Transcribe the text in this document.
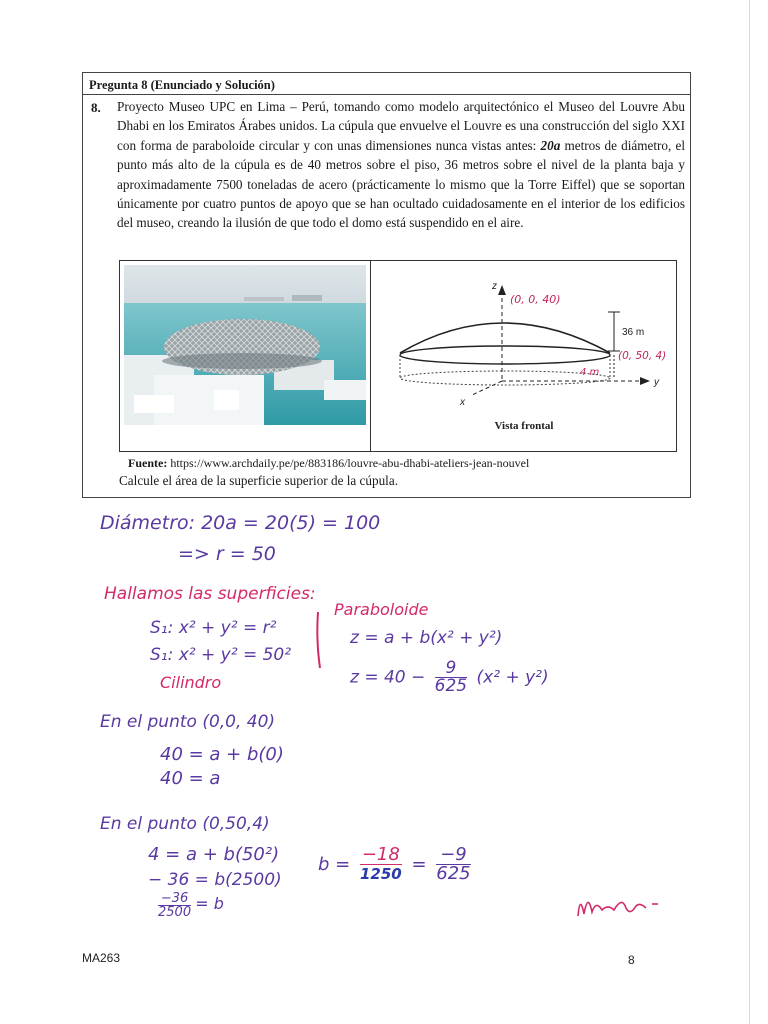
Pregunta 8 (Enunciado y Solución)
8. Proyecto Museo UPC en Lima – Perú, tomando como modelo arquitectónico el Museo del Louvre Abu Dhabi en los Emiratos Árabes unidos. La cúpula que envuelve el Louvre es una construcción del siglo XXI con forma de paraboloide circular y con unas dimensiones nunca vistas antes: 20a metros de diámetro, el punto más alto de la cúpula es de 40 metros sobre el piso, 36 metros sobre el nivel de la planta baja y aproximadamente 7500 toneladas de acero (prácticamente lo mismo que la Torre Eiffel) que se soportan únicamente por cuatro puntos de apoyo que se han ocultado cuidadosamente en el interior de los edificios del museo, creando la ilusión de que todo el domo está suspendido en el aire.
z
y
x
36 m
(0, 0, 40)
(0, 50, 4)
4 m
Vista frontal
Fuente: https://www.archdaily.pe/pe/883186/louvre-abu-dhabi-ateliers-jean-nouvel
Calcule el área de la superficie superior de la cúpula.
Diámetro: 20a = 20(5) = 100
=> r = 50
Hallamos las superficies:
S₁: x² + y² = r²
S₁: x² + y² = 50²
Cilindro
Paraboloide
z = a + b(x² + y²)
$z = 40 - \frac{9}{625} (x^2 + y^2)$
En el punto (0,0, 40)
40 = a + b(0)
40 = a
En el punto (0,50,4)
4 = a + b(50²)
− 36 = b(2500)
$\frac{-36}{2500} = b$
b = −18
$1250 = \frac{-9}{625}$
MA263	8
